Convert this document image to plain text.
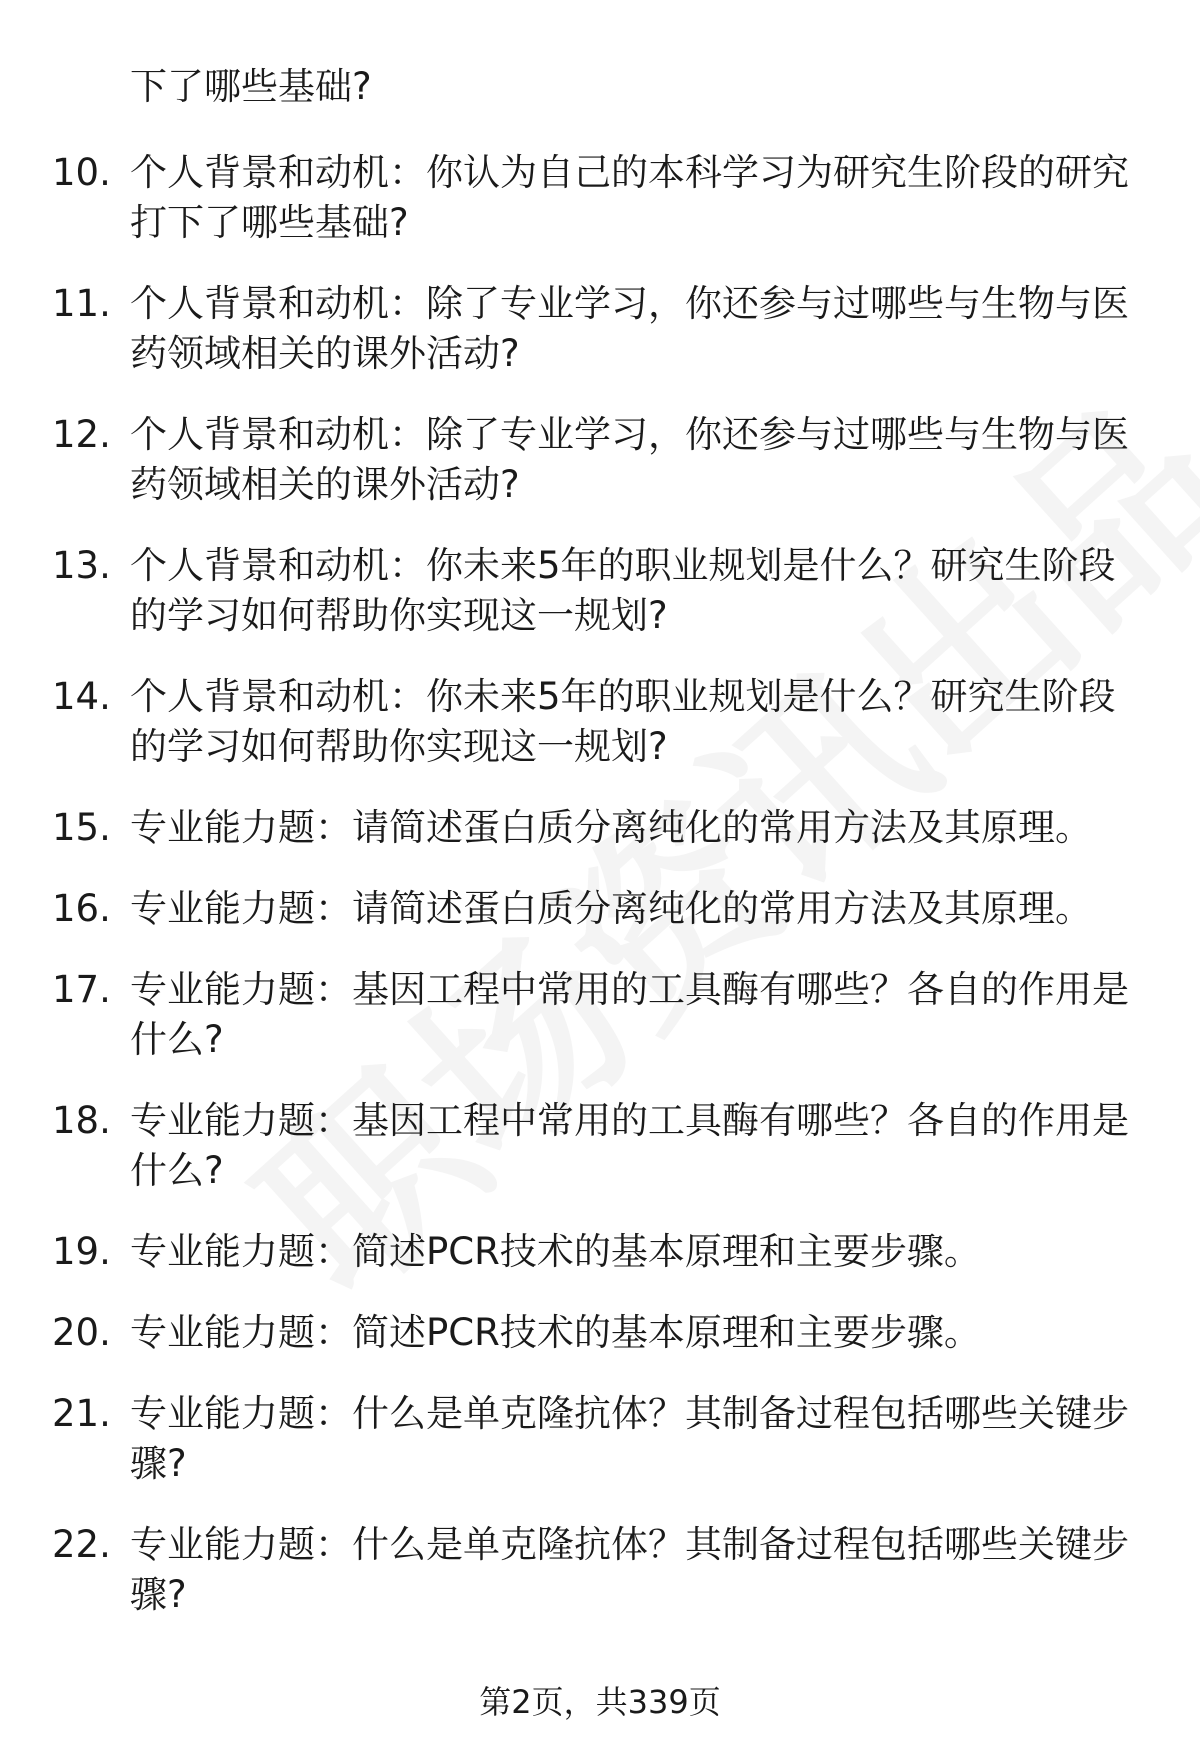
下了哪些基础?

10. 个人背景和动机：你认为自己的本科学习为研究生阶段的研究打下了哪些基础?
11. 个人背景和动机：除了专业学习，你还参与过哪些与生物与医药领域相关的课外活动?
12. 个人背景和动机：除了专业学习，你还参与过哪些与生物与医药领域相关的课外活动?
13. 个人背景和动机：你未来5年的职业规划是什么？研究生阶段的学习如何帮助你实现这一规划?
14. 个人背景和动机：你未来5年的职业规划是什么？研究生阶段的学习如何帮助你实现这一规划?
15. 专业能力题：请简述蛋白质分离纯化的常用方法及其原理。
16. 专业能力题：请简述蛋白质分离纯化的常用方法及其原理。
17. 专业能力题：基因工程中常用的工具酶有哪些？各自的作用是什么?
18. 专业能力题：基因工程中常用的工具酶有哪些？各自的作用是什么?
19. 专业能力题：简述PCR技术的基本原理和主要步骤。
20. 专业能力题：简述PCR技术的基本原理和主要步骤。
21. 专业能力题：什么是单克隆抗体？其制备过程包括哪些关键步骤?
22. 专业能力题：什么是单克隆抗体？其制备过程包括哪些关键步骤?
第2页，共339页
